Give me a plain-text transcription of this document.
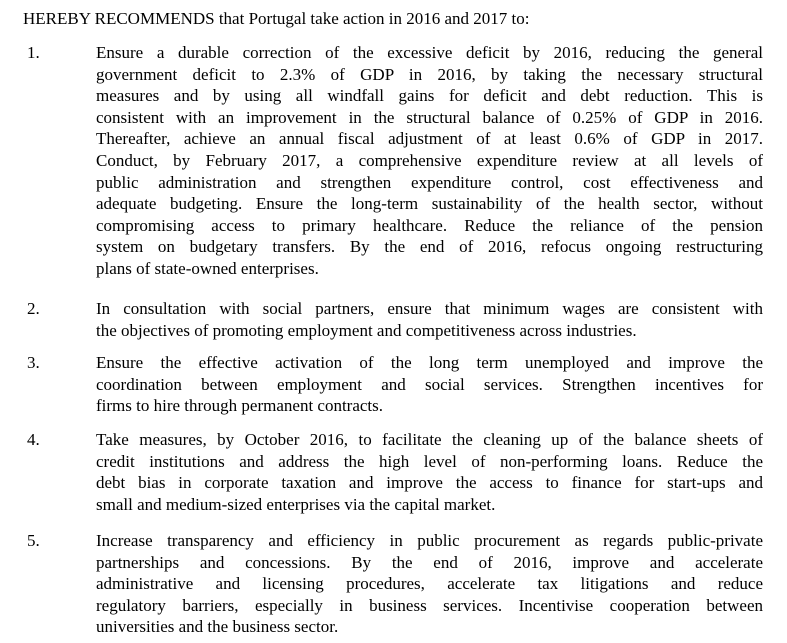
HEREBY RECOMMENDS that Portugal take action in 2016 and 2017 to:
1.	Ensure a durable correction of the excessive deficit by 2016, reducing the general
government deficit to 2.3% of GDP in 2016, by taking the necessary structural
measures and by using all windfall gains for deficit and debt reduction. This is
consistent with an improvement in the structural balance of 0.25% of GDP in 2016.
Thereafter, achieve an annual fiscal adjustment of at least 0.6% of GDP in 2017.
Conduct, by February 2017, a comprehensive expenditure review at all levels of
public administration and strengthen expenditure control, cost effectiveness and
adequate budgeting. Ensure the long-term sustainability of the health sector, without
compromising access to primary healthcare. Reduce the reliance of the pension
system on budgetary transfers. By the end of 2016, refocus ongoing restructuring
plans of state-owned enterprises.
2.	In consultation with social partners, ensure that minimum wages are consistent with
the objectives of promoting employment and competitiveness across industries.
3.	Ensure the effective activation of the long term unemployed and improve the
coordination between employment and social services. Strengthen incentives for
firms to hire through permanent contracts.
4.	Take measures, by October 2016, to facilitate the cleaning up of the balance sheets of
credit institutions and address the high level of non-performing loans. Reduce the
debt bias in corporate taxation and improve the access to finance for start-ups and
small and medium-sized enterprises via the capital market.
5.	Increase transparency and efficiency in public procurement as regards public-private
partnerships and concessions. By the end of 2016, improve and accelerate
administrative and licensing procedures, accelerate tax litigations and reduce
regulatory barriers, especially in business services. Incentivise cooperation between
universities and the business sector.
